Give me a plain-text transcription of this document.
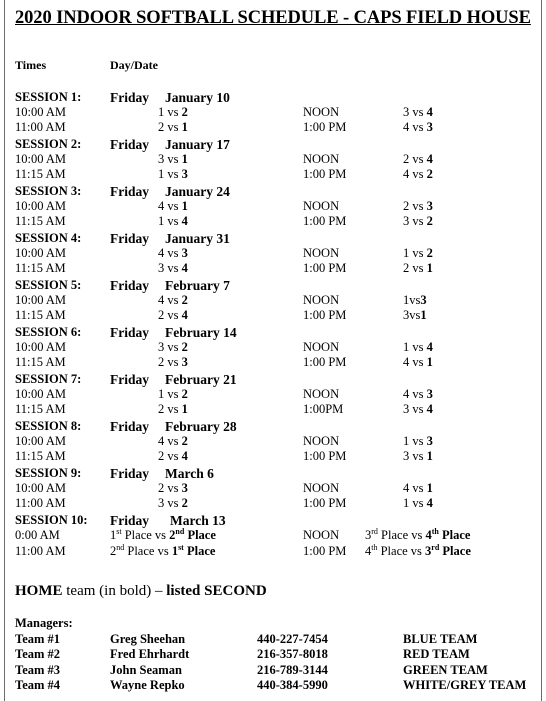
2020 INDOOR SOFTBALL SCHEDULE - CAPS FIELD HOUSE
Times	Day/Date
SESSION 1: Friday January 10
10:00 AM	1 vs 2	NOON	3 vs 4
11:00 AM	2 vs 1	1:00 PM	4 vs 3
SESSION 2: Friday January 17
10:00 AM	3 vs 1	NOON	2 vs 4
11:15 AM	1 vs 3	1:00 PM	4 vs 2
SESSION 3: Friday January 24
10:00 AM	4 vs 1	NOON	2 vs 3
11:15 AM	1 vs 4	1:00 PM	3 vs 2
SESSION 4: Friday January 31
10:00 AM	4 vs 3	NOON	1 vs 2
11:15 AM	3 vs 4	1:00 PM	2 vs 1
SESSION 5: Friday February 7
10:00 AM	4 vs 2	NOON	1vs3
11:15 AM	2 vs 4	1:00 PM	3vs1
SESSION 6: Friday February 14
10:00 AM	3 vs 2	NOON	1 vs 4
11:15 AM	2 vs 3	1:00 PM	4 vs 1
SESSION 7: Friday February 21
10:00 AM	1 vs 2	NOON	4 vs 3
11:15 AM	2 vs 1	1:00PM	3 vs 4
SESSION 8: Friday February 28
10:00 AM	4 vs 2	NOON	1 vs 3
11:15 AM	2 vs 4	1:00 PM	3 vs 1
SESSION 9: Friday March 6
10:00 AM	2 vs 3	NOON	4 vs 1
11:00 AM	3 vs 2	1:00 PM	1 vs 4
SESSION 10: Friday March 13
0:00 AM	1st Place vs 2nd Place	NOON 3rd Place vs 4th Place
11:00 AM	2nd Place vs 1st Place	1:00 PM 4th Place vs 3rd Place
HOME team (in bold) – listed SECOND
Managers:
Team #1	Greg Sheehan	440-227-7454	BLUE TEAM
Team #2	Fred Ehrhardt	216-357-8018	RED TEAM
Team #3	John Seaman	216-789-3144	GREEN TEAM
Team #4	Wayne Repko	440-384-5990	WHITE/GREY TEAM
